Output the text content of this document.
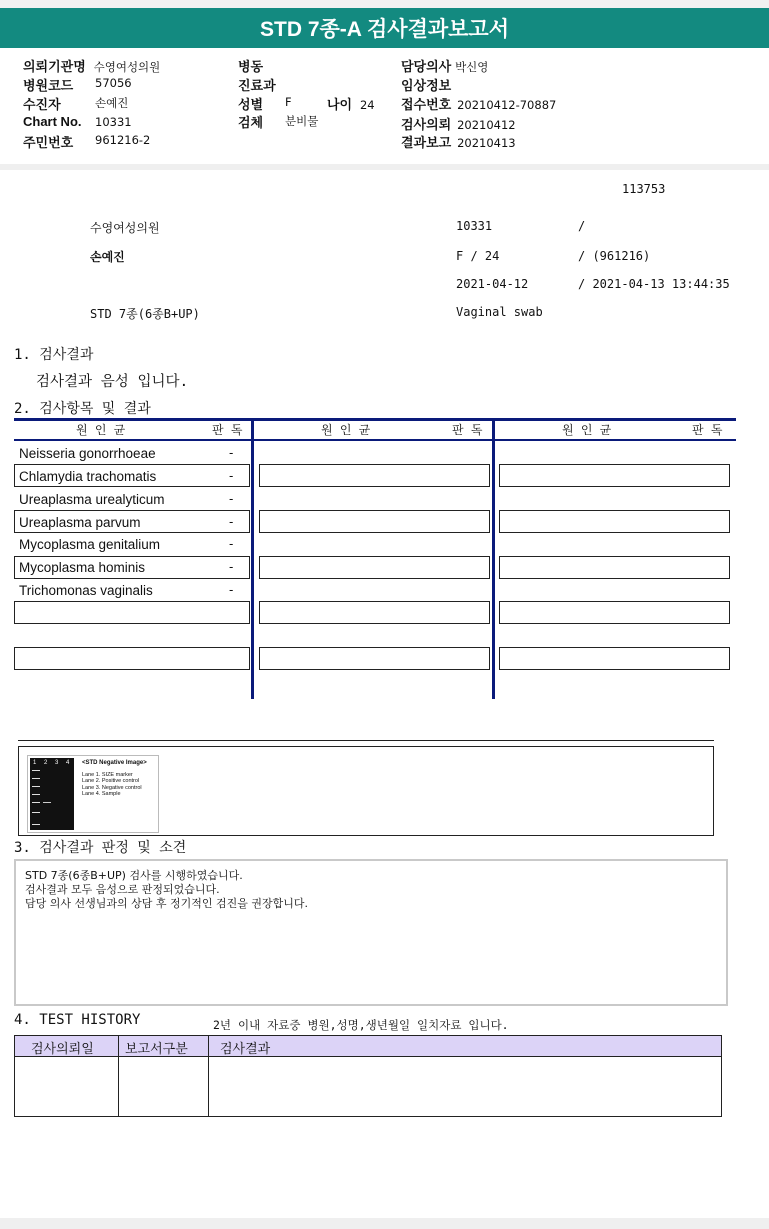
STD 7종-A 검사결과보고서
의뢰기관명 수영여성의원	병동	담당의사 박신영
병원코드 57056	진료과	임상정보
수진자	손예진	성별 F	나이 24 접수번호 20210412-70887
Chart No. 10331	검체 분비물	검사의뢰 20210412
주민번호 961216-2	결과보고 20210413
113753
수영여성의원	10331	/
손예진	F / 24	/ (961216)
2021-04-12	/ 2021-04-13 13:44:35
STD 7종(6종B+UP)	Vaginal swab
1. 검사결과
검사결과 음성 입니다.
2. 검사항목 및 결과
원 인 균	판 독	원 인 균	판 독	원 인 균	판 독
Neisseria gonorrhoeae	-
Chlamydia trachomatis	-
Ureaplasma urealyticum	-
Ureaplasma parvum	-
Mycoplasma genitalium	-
Mycoplasma hominis	-
Trichomonas vaginalis	-
1 2 3 4 <STD Negative Image>
Lane 1. SIZE marker
Lane 2. Positive control
Lane 3. Negative control
Lane 4. Sample
3. 검사결과 판정 및 소견
STD 7종(6종B+UP) 검사를 시행하였습니다.
검사결과 모두 음성으로 판정되었습니다.
담당 의사 선생님과의 상담 후 정기적인 검진을 권장합니다.
4. TEST HISTORY	2년 이내 자료중 병원,성명,생년월일 일치자료 입니다.
검사의뢰일 보고서구분 검사결과
